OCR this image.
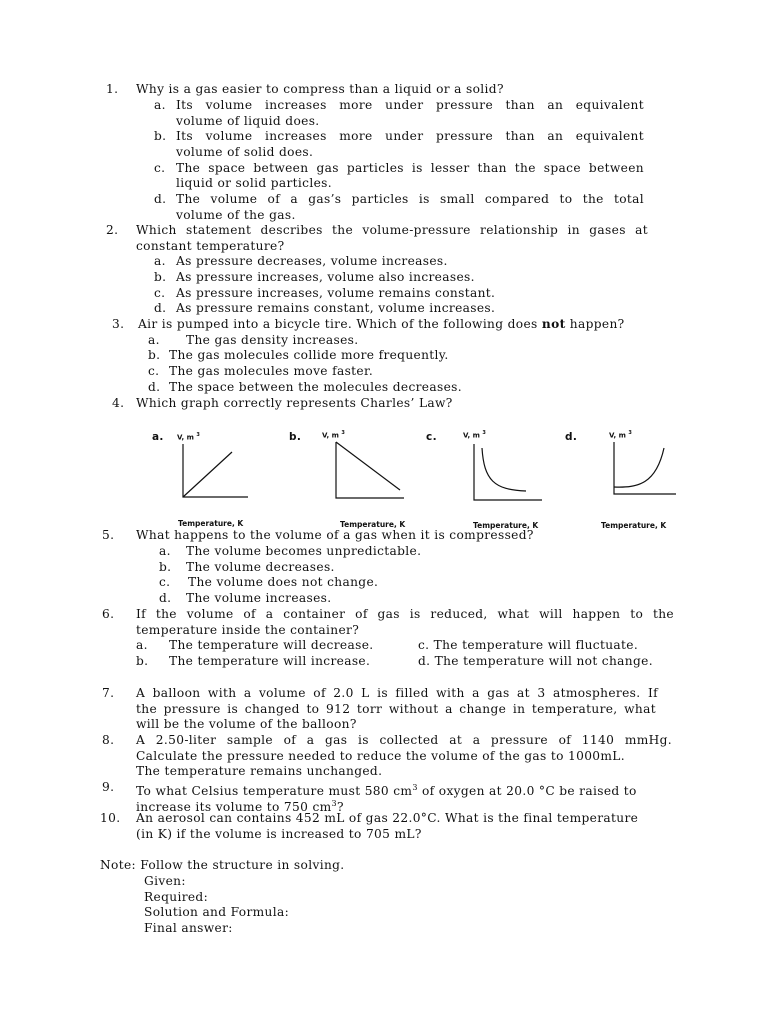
1. Why is a gas easier to compress than a liquid or a solid?
a. Its volume increases more under pressure than an equivalent
volume of liquid does.
b. Its volume increases more under pressure than an equivalent
volume of solid does.
c. The space between gas particles is lesser than the space between
liquid or solid particles.
d. The volume of a gas’s particles is small compared to the total
volume of the gas.
2. Which statement describes the volume-pressure relationship in gases at
constant temperature?
a. As pressure decreases, volume increases.
b. As pressure increases, volume also increases.
c. As pressure increases, volume remains constant.
d. As pressure remains constant, volume increases.
3. Air is pumped into a bicycle tire. Which of the following does not happen?
a. The gas density increases.
b. The gas molecules collide more frequently.
c. The gas molecules move faster.
d. The space between the molecules decreases.
4. Which graph correctly represents Charles’ Law?
a. V, m $^3$
Temperature, K
b.	V, m $^3$
Temperature, K
c.	V, m $^3$
Temperature, K
d.	V, m $^3$
Temperature, K
5. What happens to the volume of a gas when it is compressed?
a. The volume becomes unpredictable.
b. The volume decreases.
c. The volume does not change.
d. The volume increases.
6. If the volume of a container of gas is reduced, what will happen to the
temperature inside the container?
a. The temperature will decrease.	c. The temperature will fluctuate.
b. The temperature will increase.	d. The temperature will not change.
7. A balloon with a volume of 2.0 L is filled with a gas at 3 atmospheres. If
the pressure is changed to 912 torr without a change in temperature, what
will be the volume of the balloon?
8. A 2.50-liter sample of a gas is collected at a pressure of 1140 mmHg.
Calculate the pressure needed to reduce the volume of the gas to 1000mL.
The temperature remains unchanged.
9. To what Celsius temperature must 580 $cm^3$ of oxygen at 20.0 °C be raised to
increase its volume to 750 $cm^3$?
10. An aerosol can contains 452 mL of gas 22.0°C. What is the final temperature
(in K) if the volume is increased to 705 mL?
Note: Follow the structure in solving.
Given:
Required:
Solution and Formula:
Final answer:
